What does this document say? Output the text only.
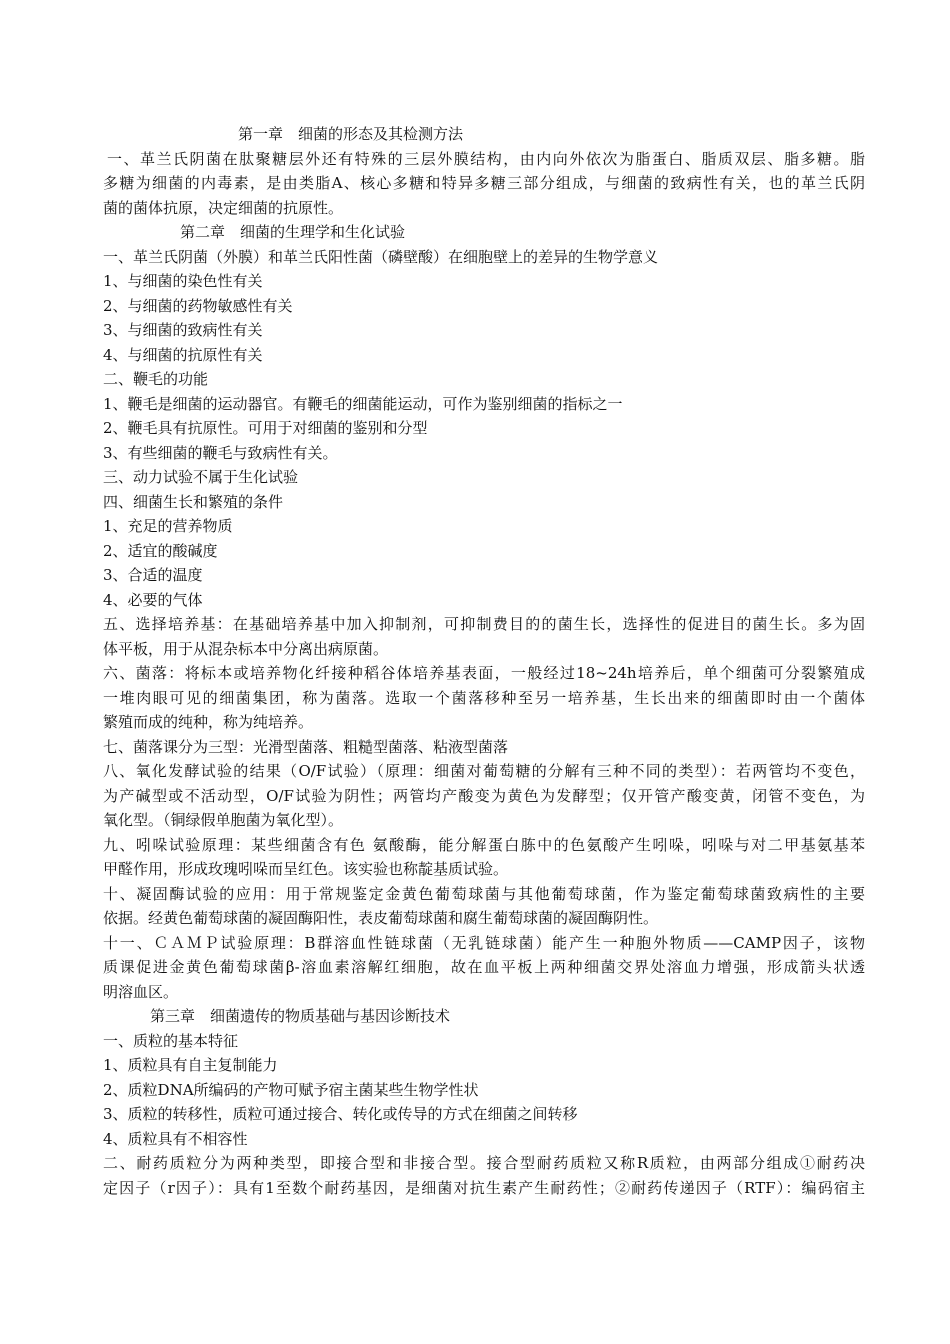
第一章　细菌的形态及其检测方法
一、革兰氏阴菌在肽聚糖层外还有特殊的三层外膜结构，由内向外依次为脂蛋白、脂质双层、脂多糖。脂
多糖为细菌的内毒素，是由类脂A、核心多糖和特异多糖三部分组成，与细菌的致病性有关，也的革兰氏阴
菌的菌体抗原，决定细菌的抗原性。
第二章　细菌的生理学和生化试验
一、革兰氏阴菌（外膜）和革兰氏阳性菌（磷壁酸）在细胞壁上的差异的生物学意义
1、与细菌的染色性有关
2、与细菌的药物敏感性有关
3、与细菌的致病性有关
4、与细菌的抗原性有关
二、鞭毛的功能
1、鞭毛是细菌的运动器官。有鞭毛的细菌能运动，可作为鉴别细菌的指标之一
2、鞭毛具有抗原性。可用于对细菌的鉴别和分型
3、有些细菌的鞭毛与致病性有关。
三、动力试验不属于生化试验
四、细菌生长和繁殖的条件
1、充足的营养物质
2、适宜的酸碱度
3、合适的温度
4、必要的气体
五、选择培养基：在基础培养基中加入抑制剂，可抑制费目的的菌生长，选择性的促进目的菌生长。多为固
体平板，用于从混杂标本中分离出病原菌。
六、菌落：将标本或培养物化纤接种稻谷体培养基表面，一般经过18~24h培养后，单个细菌可分裂繁殖成
一堆肉眼可见的细菌集团，称为菌落。选取一个菌落移种至另一培养基，生长出来的细菌即时由一个菌体
繁殖而成的纯种，称为纯培养。
七、菌落课分为三型：光滑型菌落、粗糙型菌落、粘液型菌落
八、氧化发酵试验的结果（O/F试验）（原理：细菌对葡萄糖的分解有三种不同的类型）：若两管均不变色，
为产碱型或不活动型，O/F试验为阴性；两管均产酸变为黄色为发酵型；仅开管产酸变黄，闭管不变色，为
氧化型。（铜绿假单胞菌为氧化型）。
九、吲哚试验原理：某些细菌含有色 氨酸酶，能分解蛋白胨中的色氨酸产生吲哚，吲哚与对二甲基氨基苯
甲醛作用，形成玫瑰吲哚而呈红色。该实验也称靛基质试验。
十、凝固酶试验的应用：用于常规鉴定金黄色葡萄球菌与其他葡萄球菌，作为鉴定葡萄球菌致病性的主要
依据。经黄色葡萄球菌的凝固酶阳性，表皮葡萄球菌和腐生葡萄球菌的凝固酶阴性。
十一、ＣＡＭＰ试验原理：B群溶血性链球菌（无乳链球菌）能产生一种胞外物质——CAMP因子，该物
质课促进金黄色葡萄球菌β-溶血素溶解红细胞，故在血平板上两种细菌交界处溶血力增强，形成箭头状透
明溶血区。
第三章　细菌遗传的物质基础与基因诊断技术
一、质粒的基本特征
1、质粒具有自主复制能力
2、质粒DNA所编码的产物可赋予宿主菌某些生物学性状
3、质粒的转移性，质粒可通过接合、转化或传导的方式在细菌之间转移
4、质粒具有不相容性
二、耐药质粒分为两种类型，即接合型和非接合型。接合型耐药质粒又称R质粒，由两部分组成①耐药决
定因子（r因子）：具有1至数个耐药基因，是细菌对抗生素产生耐药性；②耐药传递因子（RTF）：编码宿主
